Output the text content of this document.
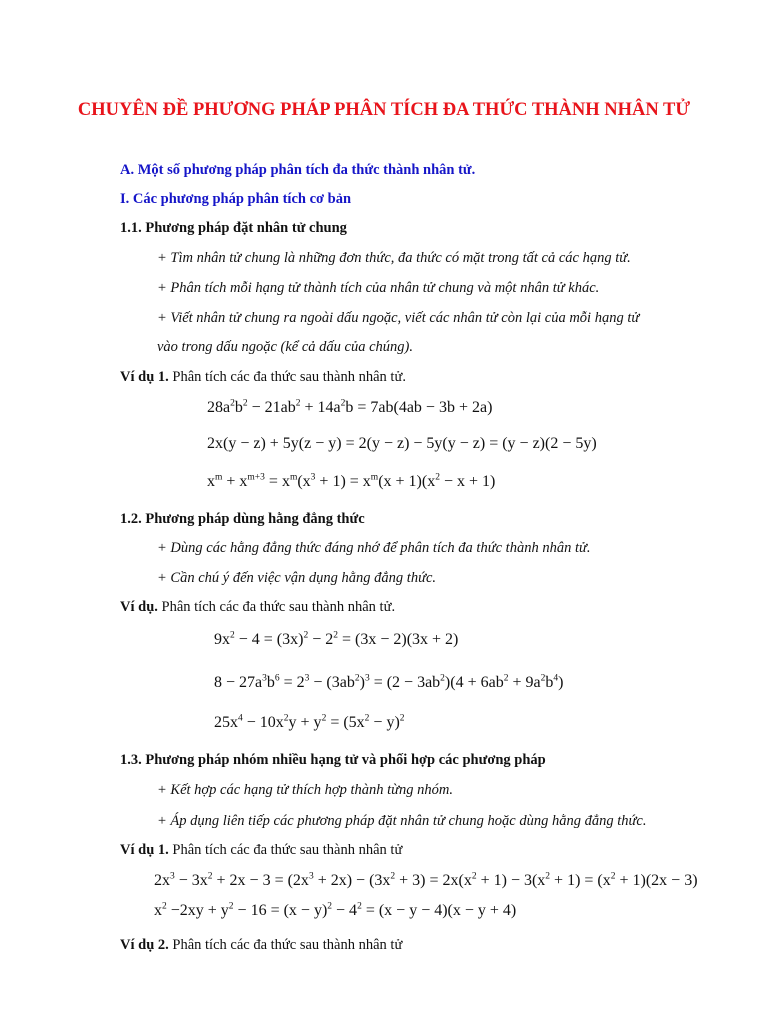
CHUYÊN ĐỀ PHƯƠNG PHÁP PHÂN TÍCH ĐA THỨC THÀNH NHÂN TỬ
A. Một số phương pháp phân tích đa thức thành nhân tử.
I. Các phương pháp phân tích cơ bản
1.1. Phương pháp đặt nhân tử chung
+ Tìm nhân tử chung là những đơn thức, đa thức có mặt trong tất cả các hạng tử.
+ Phân tích mỗi hạng tử thành tích của nhân tử chung và một nhân tử khác.
+ Viết nhân tử chung ra ngoài dấu ngoặc, viết các nhân tử còn lại của mỗi hạng tử
vào trong dấu ngoặc (kể cả dấu của chúng).
Ví dụ 1. Phân tích các đa thức sau thành nhân tử.
$28a^2b^2 - 21ab^2 + 14a^2b = 7ab(4ab - 3b + 2a)$
2x(y − z) + 5y(z − y) = 2(y − z) − 5y(y − z) = (y − z)(2 − 5y)
$x^m + x^{m+3} = x^m(x^3 + 1) = x^m(x + 1)(x^2 - x + 1)$
1.2. Phương pháp dùng hằng đẳng thức
+ Dùng các hằng đẳng thức đáng nhớ để phân tích đa thức thành nhân tử.
+ Cần chú ý đến việc vận dụng hằng đẳng thức.
Ví dụ. Phân tích các đa thức sau thành nhân tử.
$9x^2 - 4 = (3x)^2 - 2^2 = (3x - 2)(3x + 2)$
$8 - 27a^3b^6 = 2^3 - (3ab^2)^3 = (2 - 3ab^2)(4 + 6ab^2 + 9a^2b^4)$
$25x^4 - 10x^2y + y^2 = (5x^2 - y)^2$
1.3. Phương pháp nhóm nhiều hạng tử và phối hợp các phương pháp
+ Kết hợp các hạng tử thích hợp thành từng nhóm.
+ Áp dụng liên tiếp các phương pháp đặt nhân tử chung hoặc dùng hằng đẳng thức.
Ví dụ 1. Phân tích các đa thức sau thành nhân tử
$2x^3 - 3x^2 + 2x - 3 = (2x^3 + 2x) - (3x^2 + 3) = 2x(x^2 + 1) - 3(x^2 + 1) = (x^2 + 1)(2x - 3)$
$x^2 -2xy + y^2 - 16 = (x - y)^2 - 4^2 = (x - y - 4)(x - y + 4)$
Ví dụ 2. Phân tích các đa thức sau thành nhân tử
